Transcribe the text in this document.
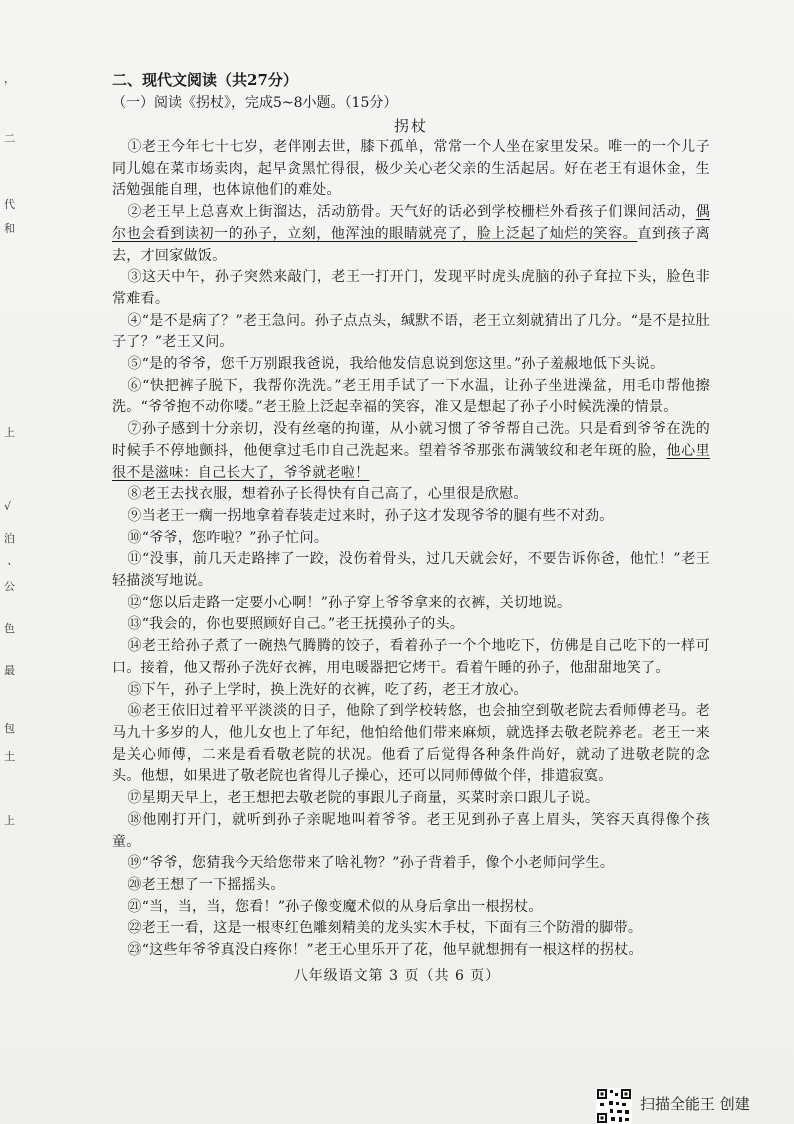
，
二
代
和
上
√
泊
ㆍ
公
色
最
包
土
上

二、现代文阅读（共27分）

（一）阅读《拐杖》，完成5~8小题。（15分）

拐杖

①老王今年七十七岁，老伴刚去世，膝下孤单，常常一个人坐在家里发呆。唯一的一个儿子同儿媳在菜市场卖肉，起早贪黑忙得很，极少关心老父亲的生活起居。好在老王有退休金，生活勉强能自理，也体谅他们的难处。

②老王早上总喜欢上街溜达，活动筋骨。天气好的话必到学校栅栏外看孩子们课间活动，偶尔也会看到读初一的孙子，立刻，他浑浊的眼睛就亮了，脸上泛起了灿烂的笑容。直到孩子离去，才回家做饭。

③这天中午，孙子突然来敲门，老王一打开门，发现平时虎头虎脑的孙子耷拉下头，脸色非常难看。

④“是不是病了？”老王急问。孙子点点头，缄默不语，老王立刻就猜出了几分。“是不是拉肚子了？”老王又问。

⑤“是的爷爷，您千万别跟我爸说，我给他发信息说到您这里。”孙子羞赧地低下头说。

⑥“快把裤子脱下，我帮你洗洗。”老王用手试了一下水温，让孙子坐进澡盆，用毛巾帮他擦洗。“爷爷抱不动你喽。”老王脸上泛起幸福的笑容，准又是想起了孙子小时候洗澡的情景。

⑦孙子感到十分亲切，没有丝毫的拘谨，从小就习惯了爷爷帮自己洗。只是看到爷爷在洗的时候手不停地颤抖，他便拿过毛巾自己洗起来。望着爷爷那张布满皱纹和老年斑的脸，他心里很不是滋味：自己长大了，爷爷就老啦！

⑧老王去找衣服，想着孙子长得快有自己高了，心里很是欣慰。

⑨当老王一瘸一拐地拿着春装走过来时，孙子这才发现爷爷的腿有些不对劲。

⑩“爷爷，您咋啦？”孙子忙问。

⑪“没事，前几天走路摔了一跤，没伤着骨头，过几天就会好，不要告诉你爸，他忙！”老王轻描淡写地说。

⑫“您以后走路一定要小心啊！”孙子穿上爷爷拿来的衣裤，关切地说。

⑬“我会的，你也要照顾好自己。”老王抚摸孙子的头。

⑭老王给孙子煮了一碗热气腾腾的饺子，看着孙子一个个地吃下，仿佛是自己吃下的一样可口。接着，他又帮孙子洗好衣裤，用电暖器把它烤干。看着午睡的孙子，他甜甜地笑了。

⑮下午，孙子上学时，换上洗好的衣裤，吃了药，老王才放心。

⑯老王依旧过着平平淡淡的日子，他除了到学校转悠，也会抽空到敬老院去看师傅老马。老马九十多岁的人，他儿女也上了年纪，他怕给他们带来麻烦，就选择去敬老院养老。老王一来是关心师傅，二来是看看敬老院的状况。他看了后觉得各种条件尚好，就动了进敬老院的念头。他想，如果进了敬老院也省得儿子操心，还可以同师傅做个伴，排遣寂寞。

⑰星期天早上，老王想把去敬老院的事跟儿子商量，买菜时亲口跟儿子说。

⑱他刚打开门，就听到孙子亲昵地叫着爷爷。老王见到孙子喜上眉头，笑容天真得像个孩童。

⑲“爷爷，您猜我今天给您带来了啥礼物？”孙子背着手，像个小老师问学生。

⑳老王想了一下摇摇头。

㉑“当，当，当，您看！”孙子像变魔术似的从身后拿出一根拐杖。

㉒老王一看，这是一根枣红色雕刻精美的龙头实木手杖，下面有三个防滑的脚带。

㉓“这些年爷爷真没白疼你！”老王心里乐开了花，他早就想拥有一根这样的拐杖。

八年级语文第 3 页（共 6 页）
扫描全能王 创建
